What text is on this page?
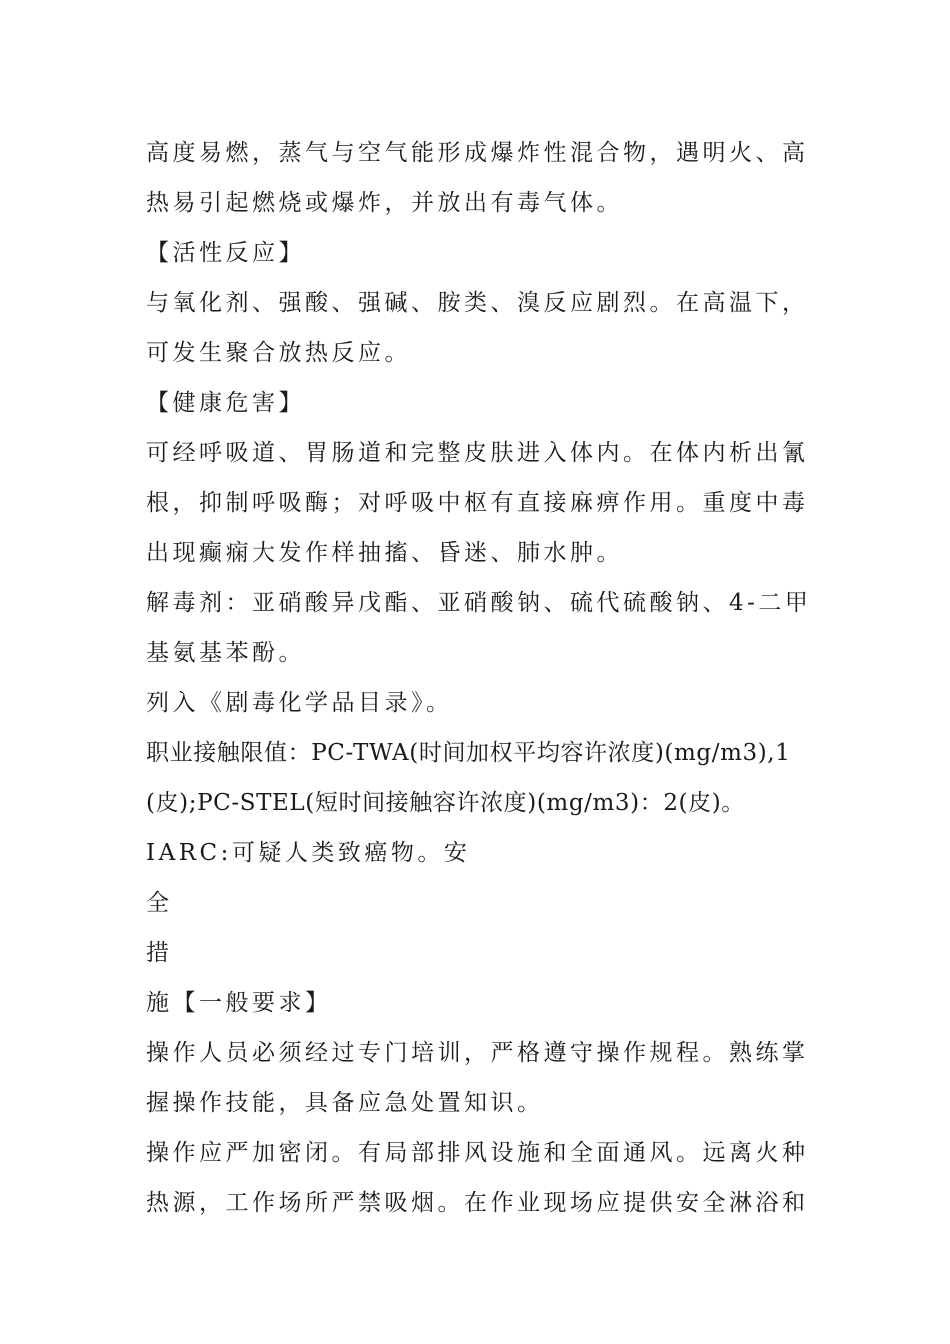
高度易燃，蒸气与空气能形成爆炸性混合物，遇明火、高
热易引起燃烧或爆炸，并放出有毒气体。
【活性反应】
与氧化剂、强酸、强碱、胺类、溴反应剧烈。在高温下，
可发生聚合放热反应。
【健康危害】
可经呼吸道、胃肠道和完整皮肤进入体内。在体内析出氰
根，抑制呼吸酶；对呼吸中枢有直接麻痹作用。重度中毒
出现癫痫大发作样抽搐、昏迷、肺水肿。
解毒剂：亚硝酸异戊酯、亚硝酸钠、硫代硫酸钠、4-二甲
基氨基苯酚。
列入《剧毒化学品目录》。
职业接触限值：PC-TWA(时间加权平均容许浓度)(mg/m3),1
(皮);PC-STEL(短时间接触容许浓度)(mg/m3)：2(皮)。
IARC:可疑人类致癌物。安
全
措
施【一般要求】
操作人员必须经过专门培训，严格遵守操作规程。熟练掌
握操作技能，具备应急处置知识。
操作应严加密闭。有局部排风设施和全面通风。远离火种
热源，工作场所严禁吸烟。在作业现场应提供安全淋浴和
